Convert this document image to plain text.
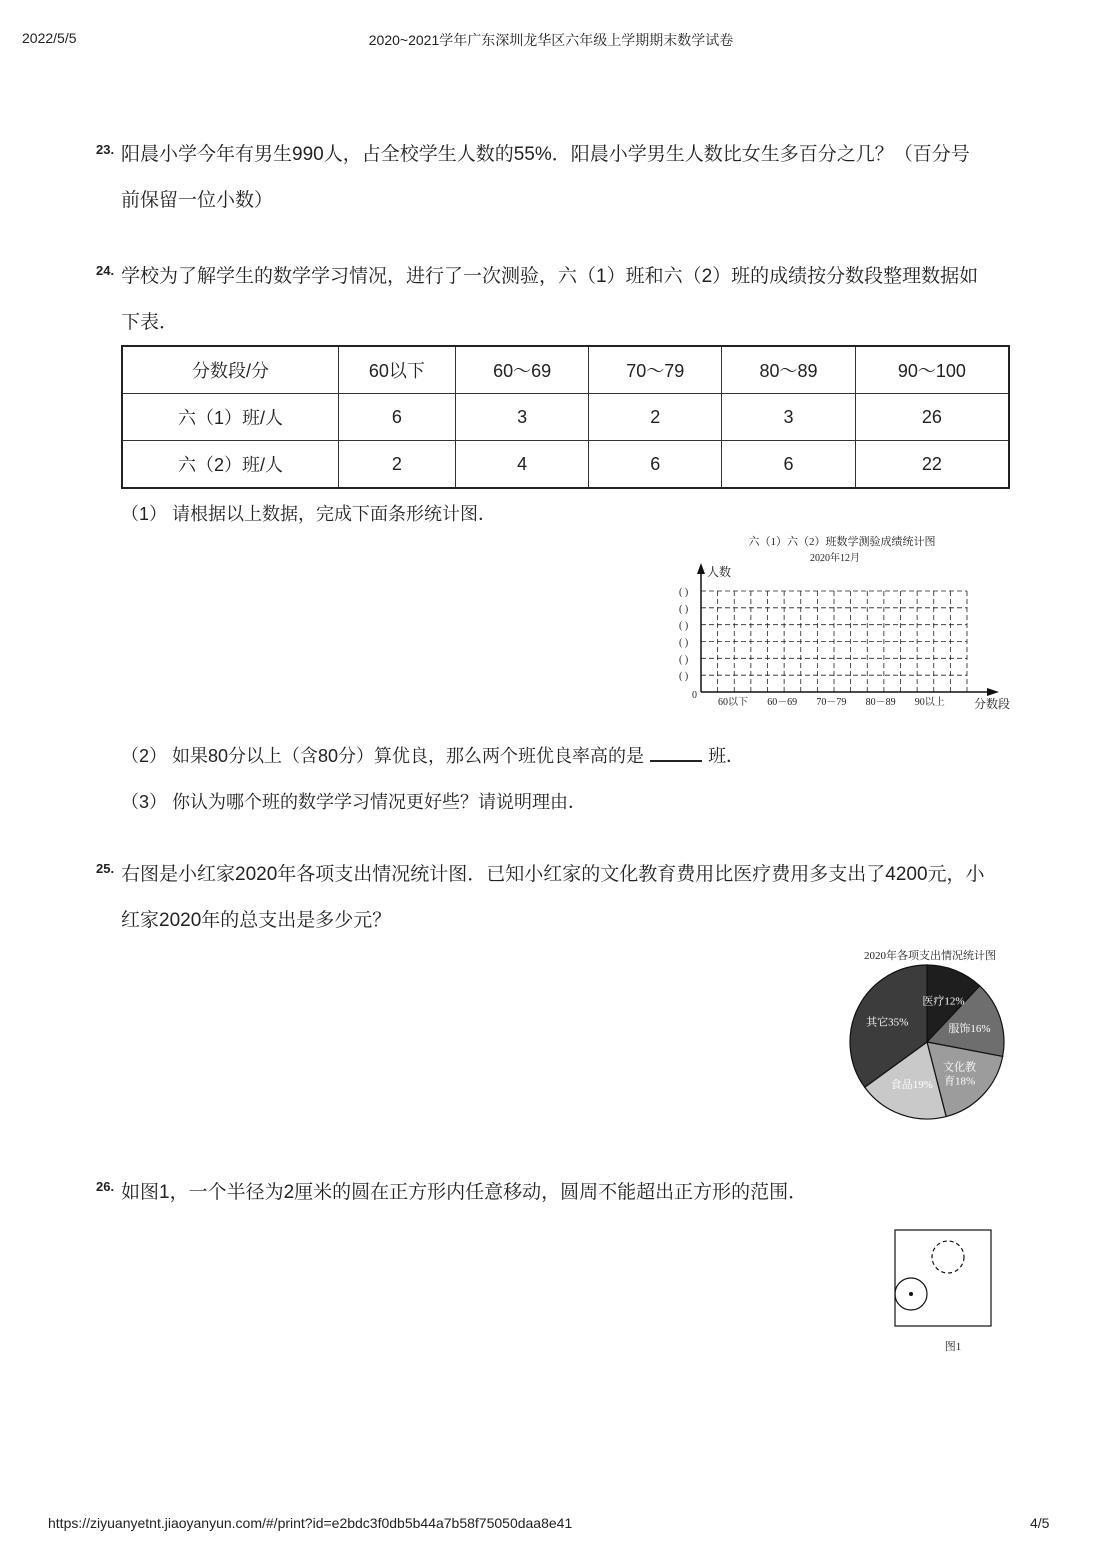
2022/5/5	2020~2021学年广东深圳龙华区六年级上学期期末数学试卷
23. 阳晨小学今年有男生990人，占全校学生人数的55%．阳晨小学男生人数比女生多百分之几？（百分号
前保留一位小数）
24. 学校为了解学生的数学学习情况，进行了一次测验，六（1）班和六（2）班的成绩按分数段整理数据如
下表．
分数段/分	60以下	60～69	70～79	80～89	90～100
六（1）班/人	6	3	2	3	26
六（2）班/人	2	4	6	6	22
（1） 请根据以上数据，完成下面条形统计图．
六（1）六（2）班数学测验成绩统计图
2020年12月
人数
分数段
0
( )
( )
( )
( )
( )
( )
60以下 60－69 70－79 80－89 90以上
（2） 如果80分以上（含80分）算优良，那么两个班优良率高的是	班．
（3） 你认为哪个班的数学学习情况更好些？请说明理由．
25. 右图是小红家2020年各项支出情况统计图．已知小红家的文化教育费用比医疗费用多支出了4200元，小
红家2020年的总支出是多少元？
2020年各项支出情况统计图
医疗12%
服饰16%
文化教育18%
食品19%
其它35%
26. 如图1，一个半径为2厘米的圆在正方形内任意移动，圆周不能超出正方形的范围．
图1
https://ziyuanyetnt.jiaoyanyun.com/#/print?id=e2bdc3f0db5b44a7b58f75050daa8e41	4/5
